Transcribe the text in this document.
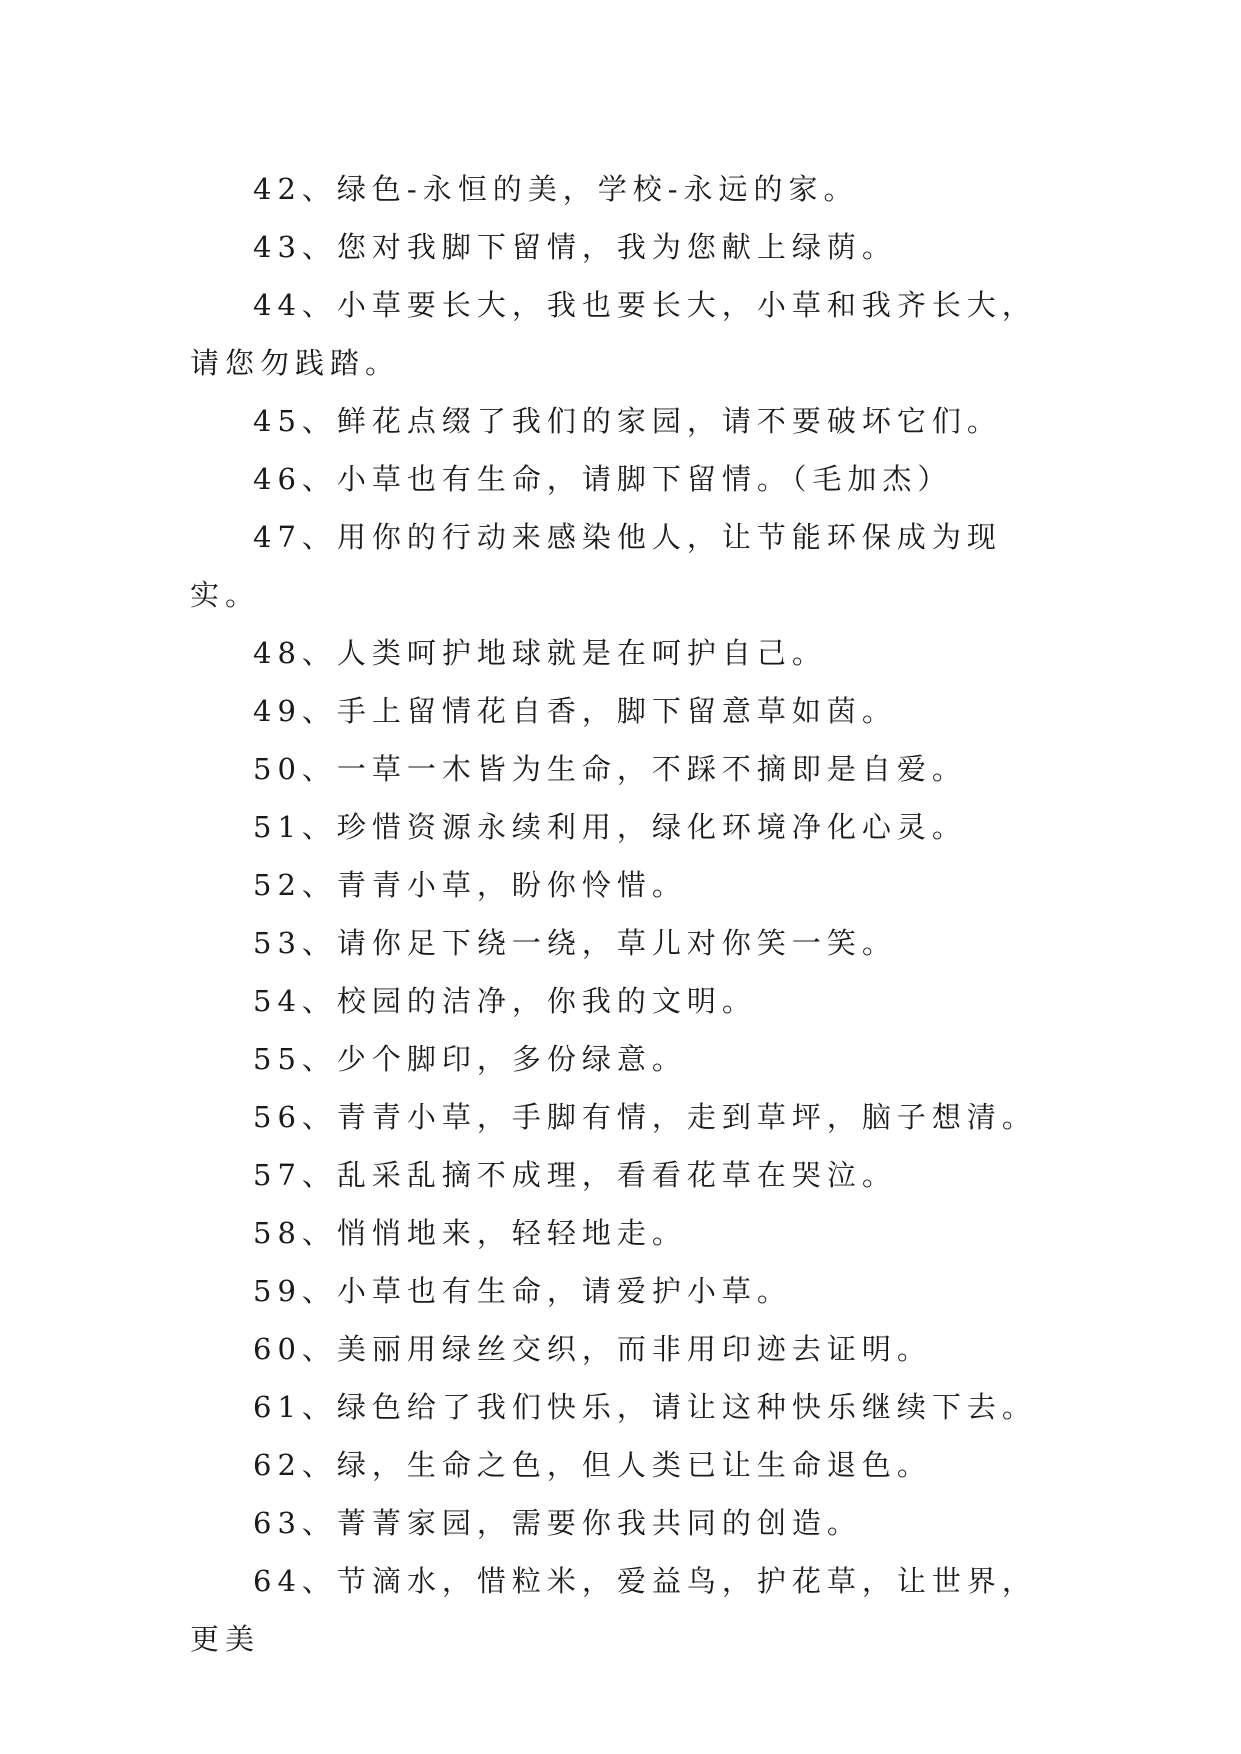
42、绿色-永恒的美，学校-永远的家。

43、您对我脚下留情，我为您献上绿荫。

44、小草要长大，我也要长大，小草和我齐长大，请您勿践踏。

45、鲜花点缀了我们的家园，请不要破坏它们。

46、小草也有生命，请脚下留情。（毛加杰）

47、用你的行动来感染他人，让节能环保成为现实。

48、人类呵护地球就是在呵护自己。

49、手上留情花自香，脚下留意草如茵。

50、一草一木皆为生命，不踩不摘即是自爱。

51、珍惜资源永续利用，绿化环境净化心灵。

52、青青小草，盼你怜惜。

53、请你足下绕一绕，草儿对你笑一笑。

54、校园的洁净，你我的文明。

55、少个脚印，多份绿意。

56、青青小草，手脚有情，走到草坪，脑子想清。

57、乱采乱摘不成理，看看花草在哭泣。

58、悄悄地来，轻轻地走。

59、小草也有生命，请爱护小草。

60、美丽用绿丝交织，而非用印迹去证明。

61、绿色给了我们快乐，请让这种快乐继续下去。

62、绿，生命之色，但人类已让生命退色。

63、菁菁家园，需要你我共同的创造。

64、节滴水，惜粒米，爱益鸟，护花草，让世界，更美
